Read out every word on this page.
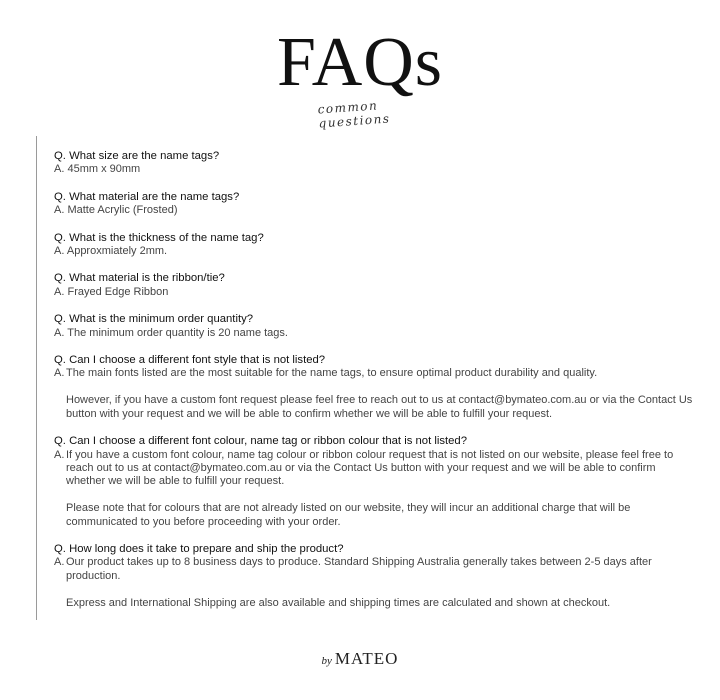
FAQs
common questions
Q. What size are the name tags?
A. 45mm x 90mm
Q. What material are the name tags?
A. Matte Acrylic (Frosted)
Q. What is the thickness of the name tag?
A. Approxmiately 2mm.
Q. What material is the ribbon/tie?
A. Frayed Edge Ribbon
Q. What is the minimum order quantity?
A. The minimum order quantity is 20 name tags.
Q. Can I choose a different font style that is not listed?
A. The main fonts listed are the most suitable for the name tags, to ensure optimal product durability and quality.
However, if you have a custom font request please feel free to reach out to us at contact@bymateo.com.au or via the Contact Us button with your request and we will be able to confirm whether we will be able to fulfill your request.
Q. Can I choose a different font colour, name tag or ribbon colour that is not listed?
A. If you have a custom font colour, name tag colour or ribbon colour request that is not listed on our website, please feel free to reach out to us at contact@bymateo.com.au or via the Contact Us button with your request and we will be able to confirm whether we will be able to fulfill your request.
Please note that for colours that are not already listed on our website, they will incur an additional charge that will be communicated to you before proceeding with your order.
Q. How long does it take to prepare and ship the product?
A. Our product takes up to 8 business days to produce. Standard Shipping Australia generally takes between 2-5 days after production.
Express and International Shipping are also available and shipping times are calculated and shown at checkout.
by MATEO
